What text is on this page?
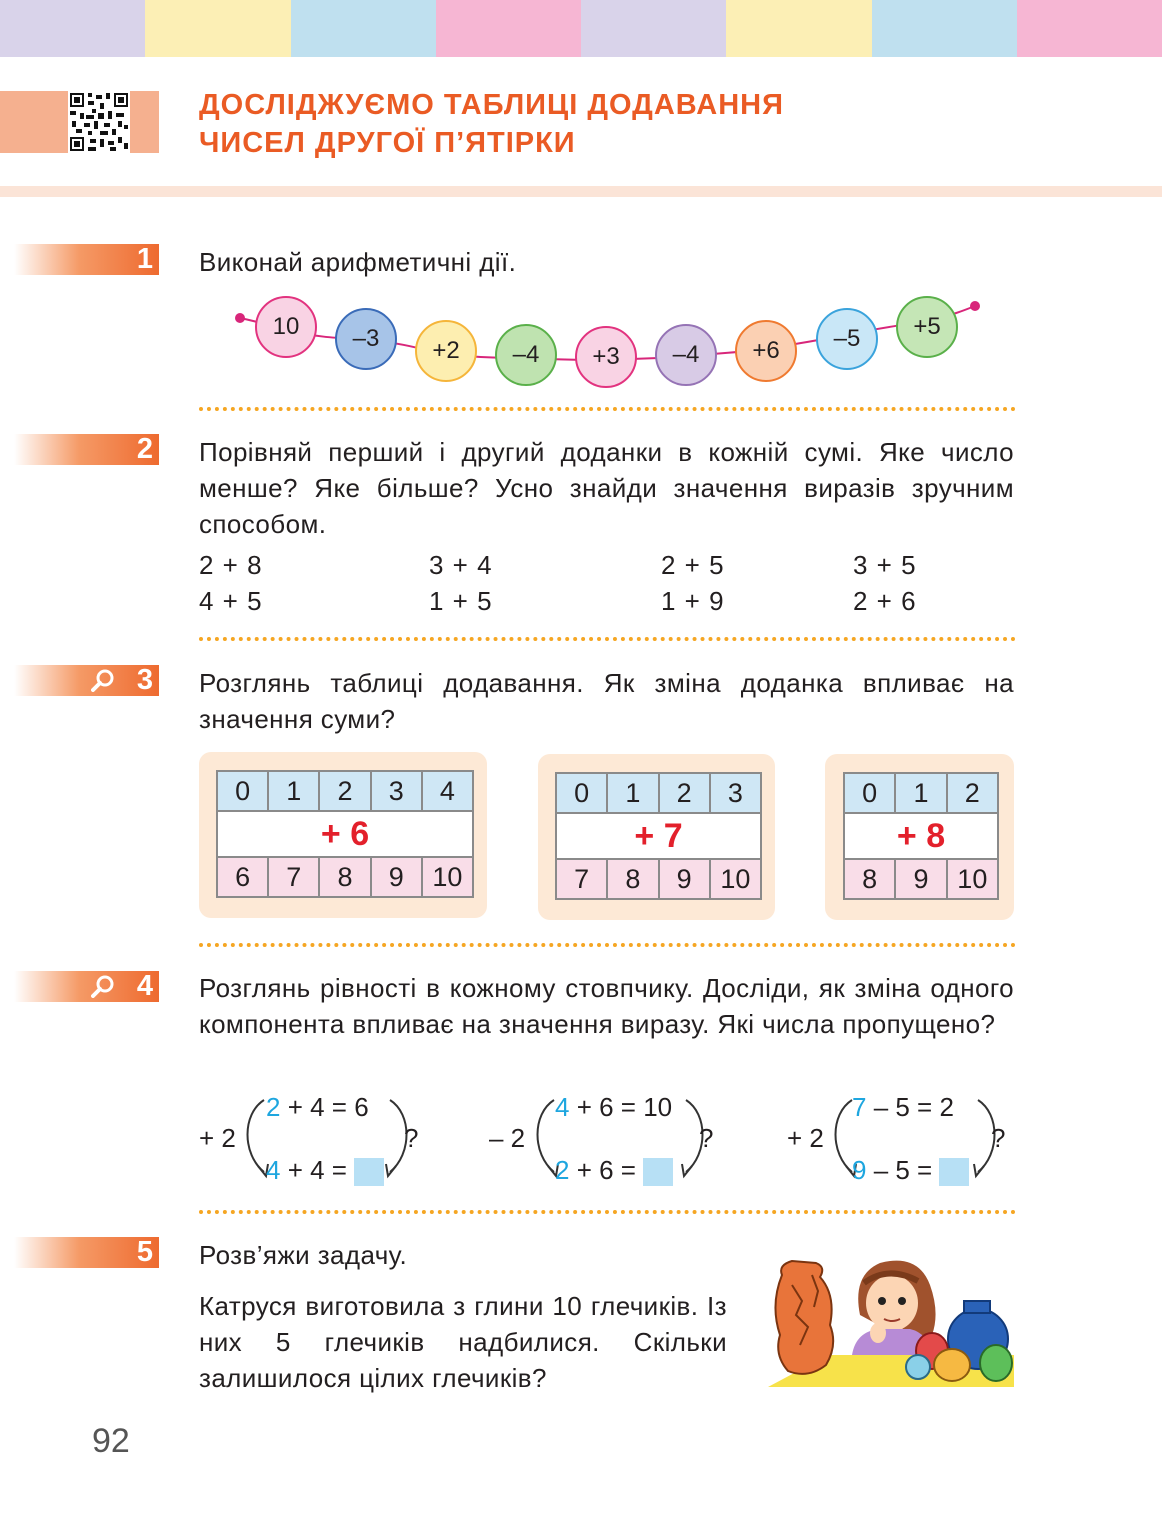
ДОСЛІДЖУЄМО ТАБЛИЦІ ДОДАВАННЯ
ЧИСЕЛ ДРУГОЇ П’ЯТІРКИ
1 Виконай арифметичні дії.
10 –3 +2 –4 +3 –4 +6 –5 +5
2 Порівняй перший і другий доданки в кожній сумі. Яке число менше? Яке більше? Усно знайди значення виразів зручним способом.
2 + 8	3 + 4	2 + 5	3 + 5
4 + 5	1 + 5	1 + 9	2 + 6
3 Розглянь таблиці додавання. Як зміна доданка впливає на значення суми?
0	1	2	3	4
+ 6
6	7	8	9	10
0	1	2	3
+ 7
7	8	9	10
0	1	2
+ 8
8	9	10
4 Розглянь рівності в кожному стовпчику. Досліди, як зміна одного компонента впливає на значення виразу. Які числа пропущено?
+ 2
2 + 4 = 6
4 + 4 =
?	– 2
4 + 6 = 10
2 + 6 =
?	+ 2
7 – 5 = 2
9 – 5 =
?
5 Розв’яжи задачу.
Катруся виготовила з глини 10 глечиків. Із них 5 глечиків надбилися. Скільки залишилося цілих глечиків?
92
